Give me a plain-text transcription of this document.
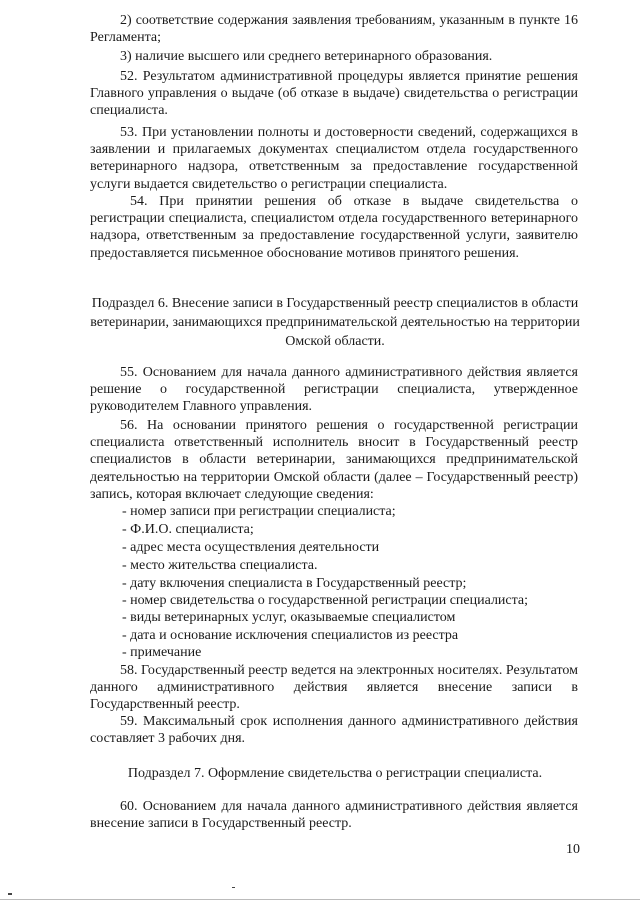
2) соответствие содержания заявления требованиям, указанным в пункте 16 Регламента;
3) наличие высшего или среднего ветеринарного образования.
52. Результатом административной процедуры является принятие решения Главного управления о выдаче (об отказе в выдаче) свидетельства о регистрации специалиста.
53. При установлении полноты и достоверности сведений, содержащихся в заявлении и прилагаемых документах специалистом отдела государственного ветеринарного надзора, ответственным за предоставление государственной услуги выдается свидетельство о регистрации специалиста.
54. При принятии решения об отказе в выдаче свидетельства о регистрации специалиста, специалистом отдела государственного ветеринарного надзора, ответственным за предоставление государственной услуги, заявителю предоставляется письменное обоснование мотивов принятого решения.
Подраздел 6. Внесение записи в Государственный реестр специалистов в области ветеринарии, занимающихся предпринимательской деятельностью на территории Омской области.
55. Основанием для начала данного административного действия является решение о государственной регистрации специалиста, утвержденное руководителем Главного управления.
56. На основании принятого решения о государственной регистрации специалиста ответственный исполнитель вносит в Государственный реестр специалистов в области ветеринарии, занимающихся предпринимательской деятельностью на территории Омской области (далее – Государственный реестр) запись, которая включает следующие сведения:
- номер записи при регистрации специалиста;
- Ф.И.О. специалиста;
- адрес места осуществления деятельности
- место жительства специалиста.
- дату включения специалиста в Государственный реестр;
- номер свидетельства о государственной регистрации специалиста;
- виды ветеринарных услуг, оказываемые специалистом
- дата и основание исключения специалистов из реестра
- примечание
58. Государственный реестр ведется на электронных носителях. Результатом данного административного действия является внесение записи в Государственный реестр.
59. Максимальный срок исполнения данного административного действия составляет 3 рабочих дня.
Подраздел 7. Оформление свидетельства о регистрации специалиста.
60. Основанием для начала данного административного действия является внесение записи в Государственный реестр.
10
